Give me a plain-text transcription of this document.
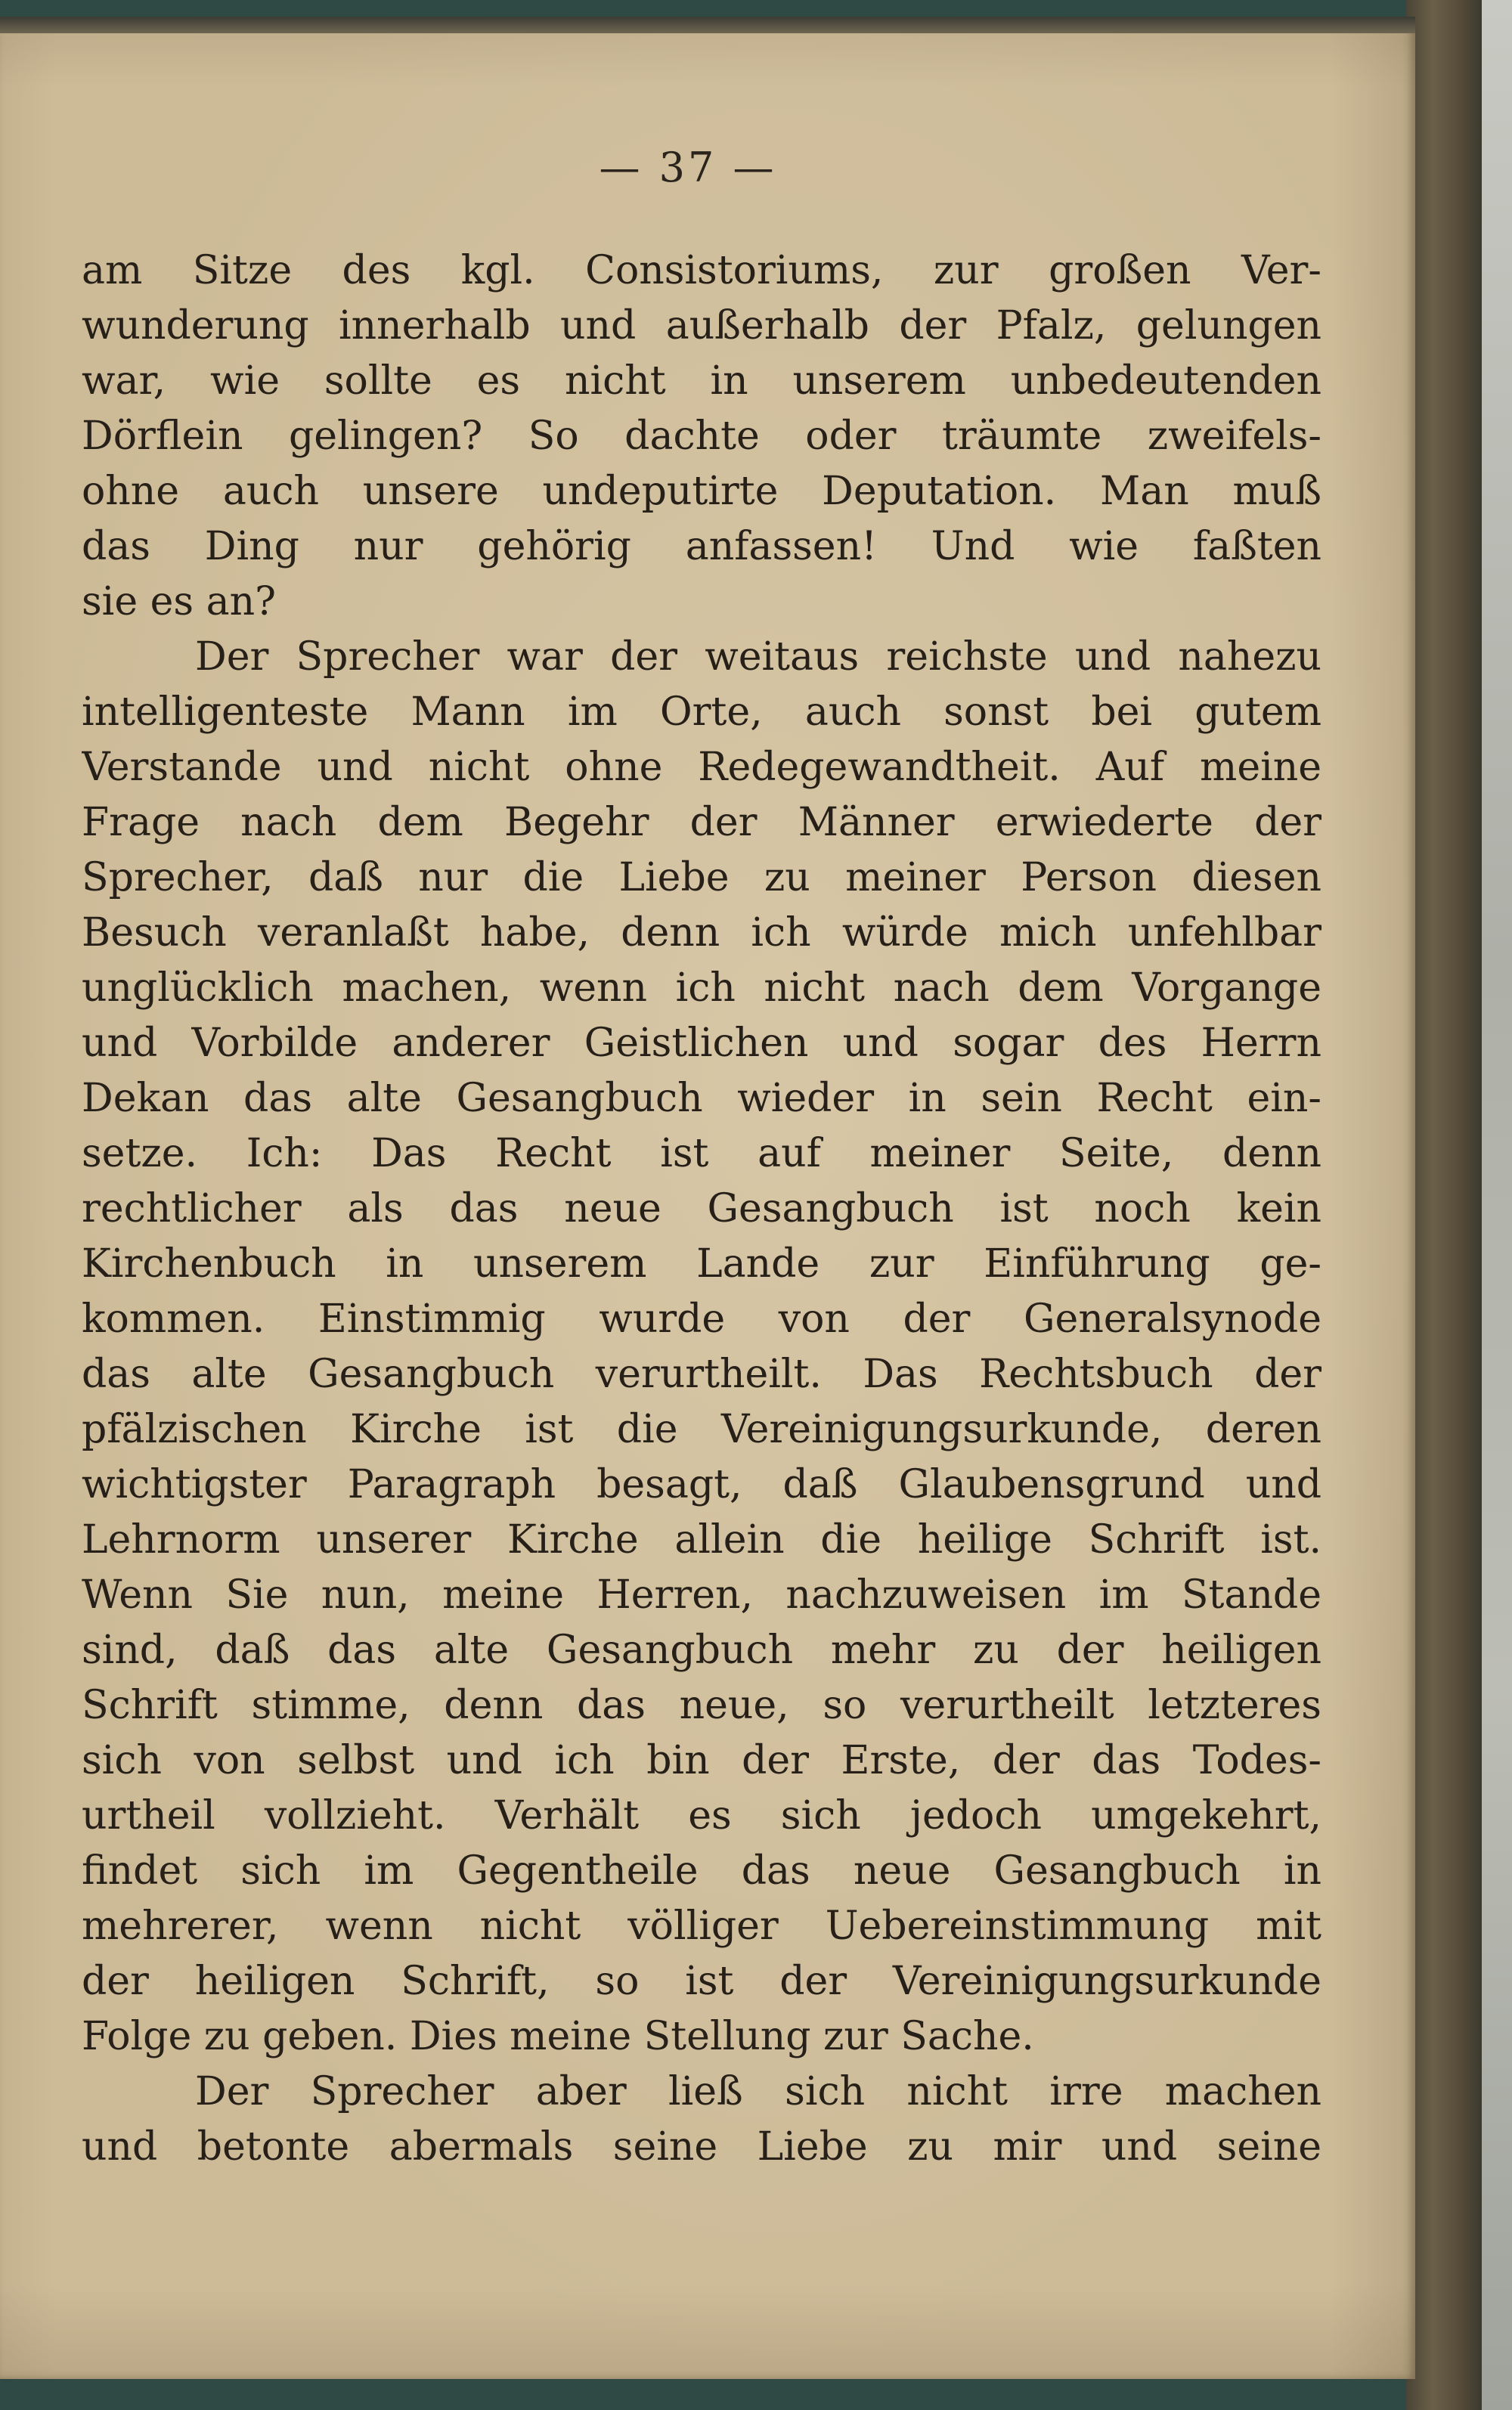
— 37 —
am Sitze des kgl. Consistoriums, zur großen Ver-
wunderung innerhalb und außerhalb der Pfalz, gelungen
war, wie sollte es nicht in unserem unbedeutenden
Dörflein gelingen? So dachte oder träumte zweifels-
ohne auch unsere undeputirte Deputation. Man muß
das Ding nur gehörig anfassen! Und wie faßten
sie es an?
Der Sprecher war der weitaus reichste und nahezu
intelligenteste Mann im Orte, auch sonst bei gutem
Verstande und nicht ohne Redegewandtheit. Auf meine
Frage nach dem Begehr der Männer erwiederte der
Sprecher, daß nur die Liebe zu meiner Person diesen
Besuch veranlaßt habe, denn ich würde mich unfehlbar
unglücklich machen, wenn ich nicht nach dem Vorgange
und Vorbilde anderer Geistlichen und sogar des Herrn
Dekan das alte Gesangbuch wieder in sein Recht ein-
setze. Ich: Das Recht ist auf meiner Seite, denn
rechtlicher als das neue Gesangbuch ist noch kein
Kirchenbuch in unserem Lande zur Einführung ge-
kommen. Einstimmig wurde von der Generalsynode
das alte Gesangbuch verurtheilt. Das Rechtsbuch der
pfälzischen Kirche ist die Vereinigungsurkunde, deren
wichtigster Paragraph besagt, daß Glaubensgrund und
Lehrnorm unserer Kirche allein die heilige Schrift ist.
Wenn Sie nun, meine Herren, nachzuweisen im Stande
sind, daß das alte Gesangbuch mehr zu der heiligen
Schrift stimme, denn das neue, so verurtheilt letzteres
sich von selbst und ich bin der Erste, der das Todes-
urtheil vollzieht. Verhält es sich jedoch umgekehrt,
findet sich im Gegentheile das neue Gesangbuch in
mehrerer, wenn nicht völliger Uebereinstimmung mit
der heiligen Schrift, so ist der Vereinigungsurkunde
Folge zu geben. Dies meine Stellung zur Sache.
Der Sprecher aber ließ sich nicht irre machen
und betonte abermals seine Liebe zu mir und seine
